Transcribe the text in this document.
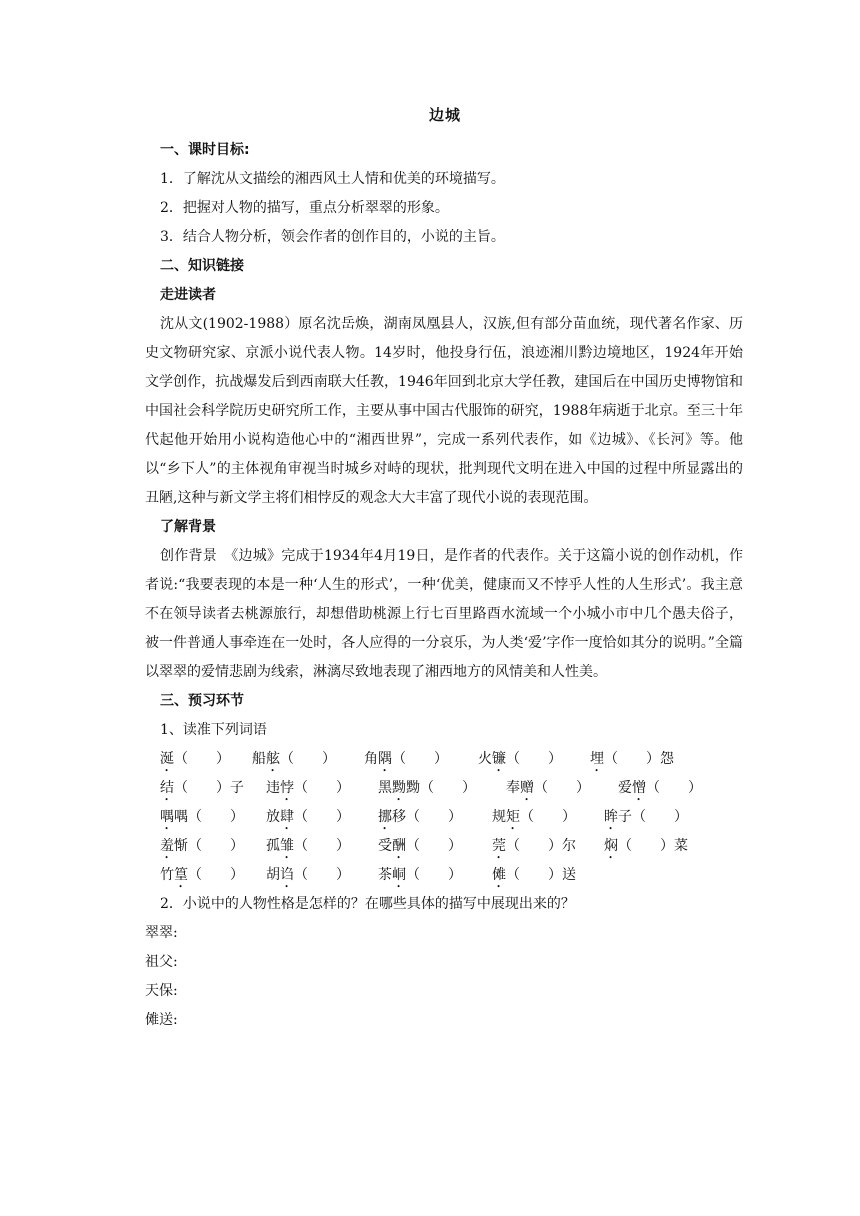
边城
一、课时目标:
1．了解沈从文描绘的湘西风土人情和优美的环境描写。
2．把握对人物的描写，重点分析翠翠的形象。
3．结合人物分析，领会作者的创作目的，小说的主旨。
二、知识链接
走进读者

沈从文(1902-1988）原名沈岳焕，湖南凤凰县人，汉族,但有部分苗血统，现代著名作家、历史文物研究家、京派小说代表人物。14岁时，他投身行伍，浪迹湘川黔边境地区，1924年开始文学创作，抗战爆发后到西南联大任教，1946年回到北京大学任教，建国后在中国历史博物馆和中国社会科学院历史研究所工作，主要从事中国古代服饰的研究，1988年病逝于北京。至三十年代起他开始用小说构造他心中的“湘西世界”，完成一系列代表作，如《边城》、《长河》等。他以“乡下人”的主体视角审视当时城乡对峙的现状，批判现代文明在进入中国的过程中所显露出的丑陋,这种与新文学主将们相悖反的观念大大丰富了现代小说的表现范围。

了解背景

创作背景　《边城》完成于1934年4月19日，是作者的代表作。关于这篇小说的创作动机，作者说:“我要表现的本是一种‘人生的形式’，一种‘优美，健康而又不悖乎人性的人生形式’。我主意不在领导读者去桃源旅行，却想借助桃源上行七百里路酉水流域一个小城小市中几个愚夫俗子，被一件普通人事牵连在一处时，各人应得的一分哀乐，为人类‘爱’字作一度恰如其分的说明。”全篇以翠翠的爱情悲剧为线索，淋漓尽致地表现了湘西地方的风情美和人性美。

三、预习环节
1、读准下列词语
涎（　　） 船舷（　　） 角隅（　　） 火镰（　　） 埋（　　）怨
结（　　）子 违悖（　　） 黑黝黝（　　） 奉赠（　　） 爱憎（　　）
喁喁（　　） 放肆（　　） 挪移（　　） 规矩（　　） 眸子（　　）
羞惭（　　） 孤雏（　　） 受酬（　　） 莞（　　）尔 焖（　　）菜
竹篁（　　） 胡诌（　　） 茶峒（　　） 傩（　　）送
2．小说中的人物性格是怎样的？在哪些具体的描写中展现出来的？
翠翠:
祖父:
天保:
傩送:
